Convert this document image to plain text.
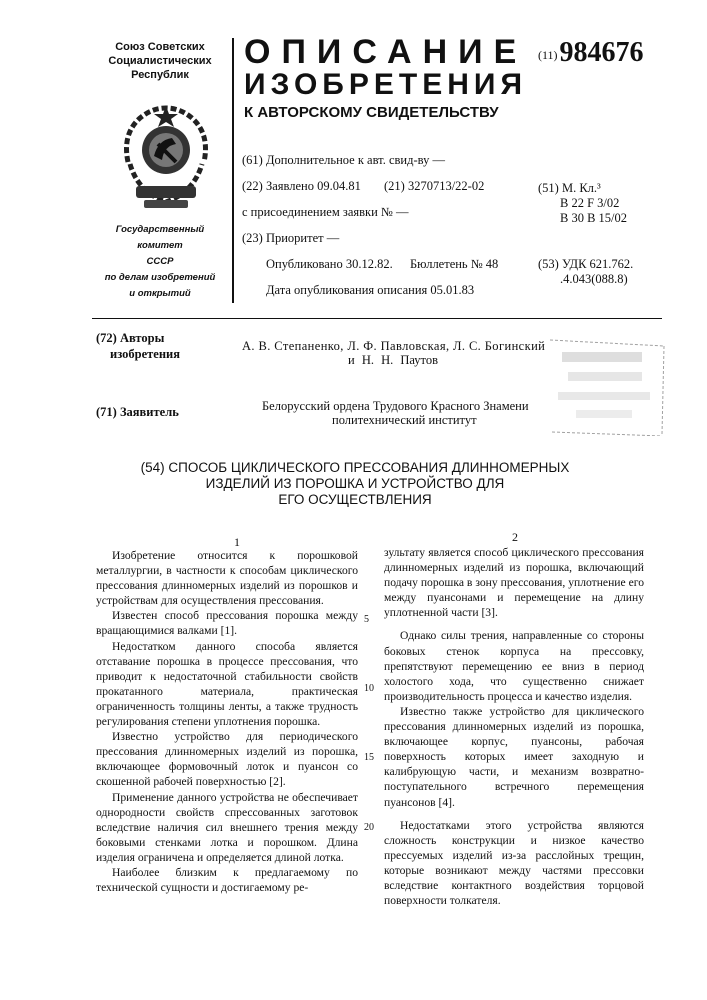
Союз Советских
Социалистических
Республик
Государственный комитет
СССР
по делам изобретений
и открытий
ОПИСАНИЕ
ИЗОБРЕТЕНИЯ
К АВТОРСКОМУ СВИДЕТЕЛЬСТВУ
(11)984676
(61) Дополнительное к авт. свид-ву —
(22) Заявлено 09.04.81 (21) 3270713/22-02
с присоединением заявки № —
(23) Приоритет —
Опубликовано 30.12.82. Бюллетень № 48
Дата опубликования описания 05.01.83
(51) М. Кл.³
B 22 F 3/02
B 30 B 15/02
(53) УДК 621.762.
.4.043(088.8)
(72) Авторы
изобретения
А. В. Степаненко, Л. Ф. Павловская, Л. С. Богинский
и Н. Н. Паутов
(71) Заявитель	Белорусский ордена Трудового Красного Знамени
политехнический институт
(54) СПОСОБ ЦИКЛИЧЕСКОГО ПРЕССОВАНИЯ ДЛИННОМЕРНЫХ
ИЗДЕЛИЙ ИЗ ПОРОШКА И УСТРОЙСТВО ДЛЯ
ЕГО ОСУЩЕСТВЛЕНИЯ
1	2

Изобретение относится к порошковой металлургии, в частности к способам циклического прессования длинномерных изделий из порошков и устройствам для осуществления прессования.

Известен способ прессования порошка между вращающимися валками [1].

Недостатком данного способа является отставание порошка в процессе прессования, что приводит к недостаточной стабильности свойств прокатанного материала, практическая ограниченность толщины ленты, а также трудность регулирования степени уплотнения порошка.

Известно устройство для периодического прессования длинномерных изделий из порошка, включающее формовочный лоток и пуансон со скошенной рабочей поверхностью [2].

Применение данного устройства не обеспечивает однородности свойств спрессованных заготовок вследствие наличия сил внешнего трения между боковыми стенками лотка и порошком. Длина изделия ограничена и определяется длиной лотка.

Наиболее близким к предлагаемому по технической сущности и достигаемому ре-

5
10
15
20

зультату является способ циклического прессования длинномерных изделий из порошка, включающий подачу порошка в зону прессования, уплотнение его между пуансонами и перемещение на длину уплотненной части [3].

Однако силы трения, направленные со стороны боковых стенок корпуса на прессовку, препятствуют перемещению ее вниз в период холостого хода, что существенно снижает производительность процесса и качество изделия.

Известно также устройство для циклического прессования длинномерных изделий из порошка, включающее корпус, пуансоны, рабочая поверхность которых имеет заходную и калибрующую части, и механизм возвратно-поступательного встречного перемещения пуансонов [4].

Недостатками этого устройства являются сложность конструкции и низкое качество прессуемых изделий из-за расслойных трещин, которые возникают между частями прессовки вследствие контактного воздействия торцовой поверхности толкателя.
